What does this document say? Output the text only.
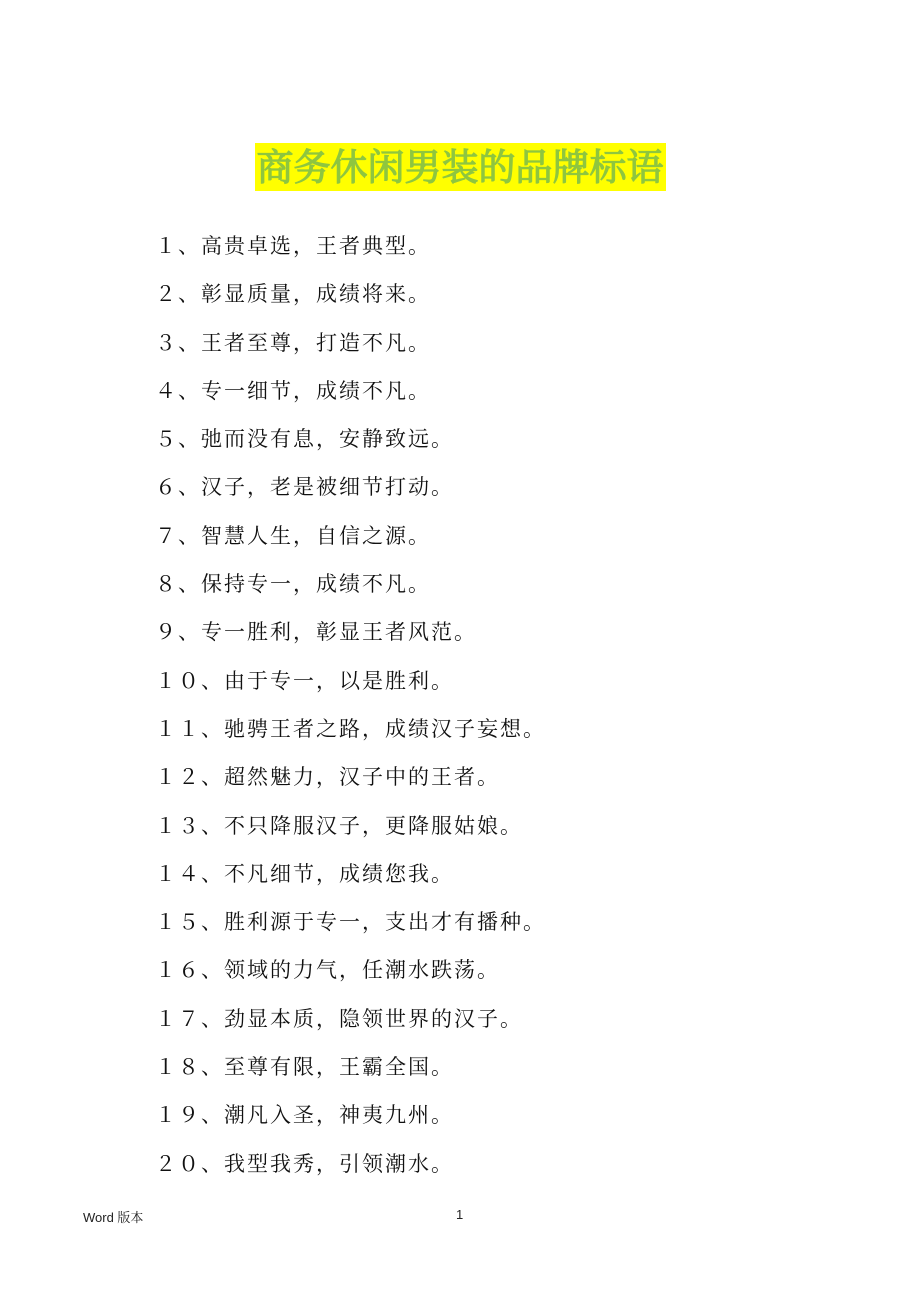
商务休闲男装的品牌标语
１、高贵卓选，王者典型。
２、彰显质量，成绩将来。
３、王者至尊，打造不凡。
４、专一细节，成绩不凡。
５、弛而没有息，安静致远。
６、汉子，老是被细节打动。
７、智慧人生，自信之源。
８、保持专一，成绩不凡。
９、专一胜利，彰显王者风范。
１０、由于专一，以是胜利。
１１、驰骋王者之路，成绩汉子妄想。
１２、超然魅力，汉子中的王者。
１３、不只降服汉子，更降服姑娘。
１４、不凡细节，成绩您我。
１５、胜利源于专一，支出才有播种。
１６、领域的力气，任潮水跌荡。
１７、劲显本质，隐领世界的汉子。
１８、至尊有限，王霸全国。
１９、潮凡入圣，神夷九州。
２０、我型我秀，引领潮水。
Word 版本	1
